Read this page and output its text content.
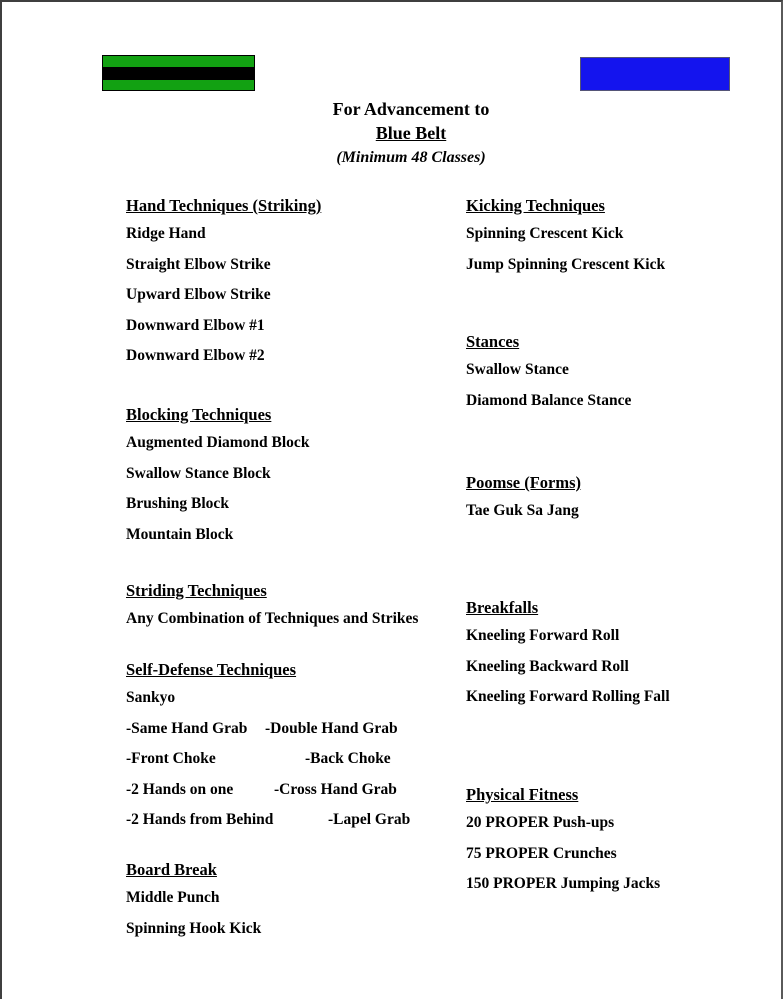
For Advancement to
Blue Belt
(Minimum 48 Classes)
Hand Techniques (Striking)
Ridge Hand
Straight Elbow Strike
Upward Elbow Strike
Downward Elbow #1
Downward Elbow #2
Blocking Techniques
Augmented Diamond Block
Swallow Stance Block
Brushing Block
Mountain Block
Striding Techniques
Any Combination of Techniques and Strikes
Self-Defense Techniques
Sankyo
-Same Hand Grab -Double Hand Grab
-Front Choke	-Back Choke
-2 Hands on one	-Cross Hand Grab
-2 Hands from Behind	-Lapel Grab
Board Break
Middle Punch
Spinning Hook Kick
Kicking Techniques
Spinning Crescent Kick
Jump Spinning Crescent Kick
Stances
Swallow Stance
Diamond Balance Stance
Poomse (Forms)
Tae Guk Sa Jang
Breakfalls
Kneeling Forward Roll
Kneeling Backward Roll
Kneeling Forward Rolling Fall
Physical Fitness
20 PROPER Push-ups
75 PROPER Crunches
150 PROPER Jumping Jacks
